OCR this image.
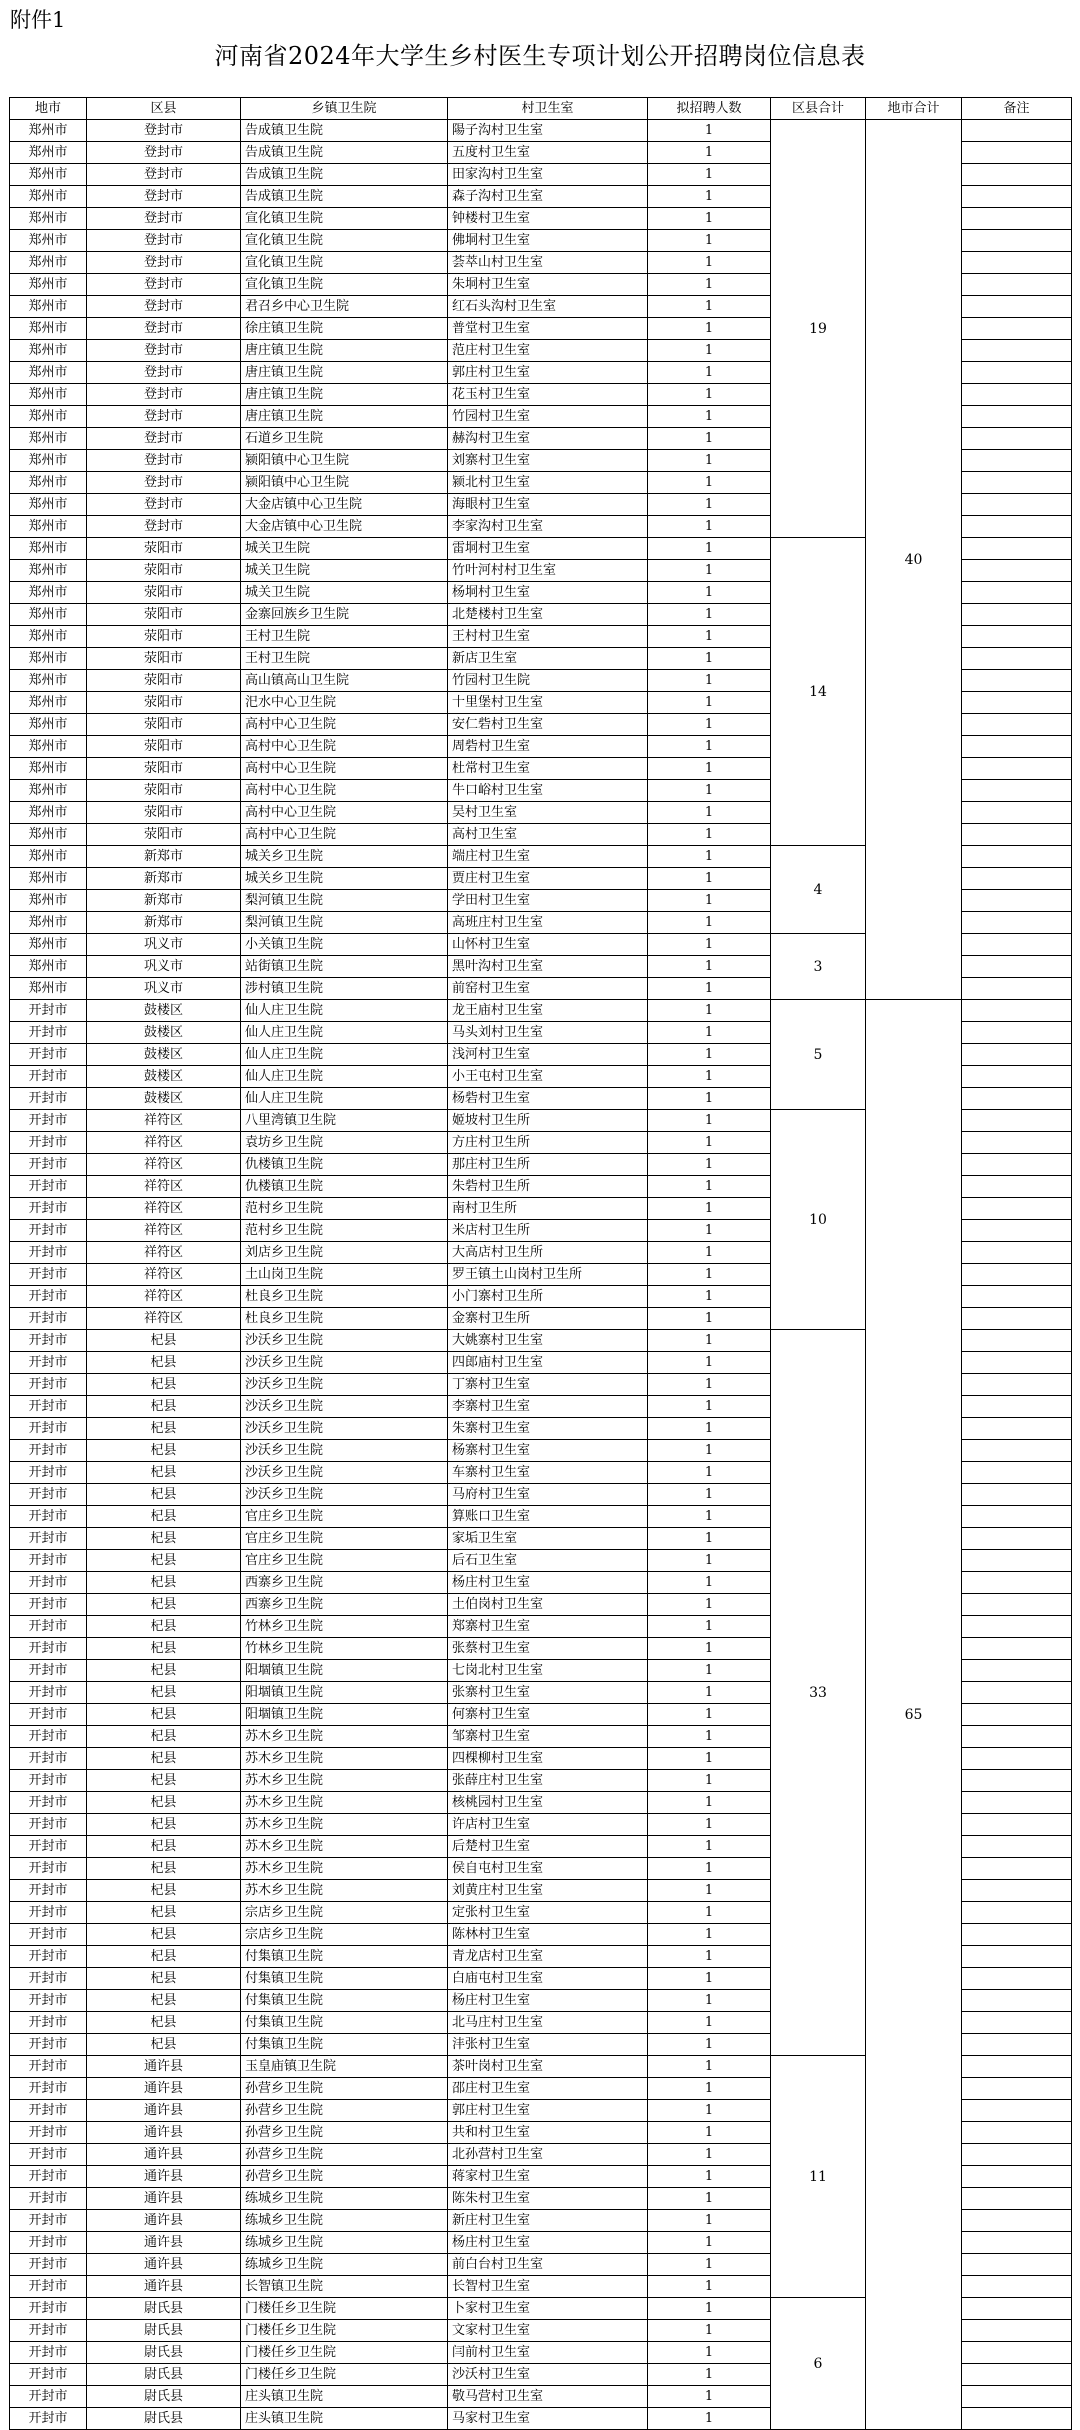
附件1
河南省2024年大学生乡村医生专项计划公开招聘岗位信息表
地市	区县	乡镇卫生院	村卫生室	拟招聘人数	区县合计	地市合计	备注
郑州市	登封市	告成镇卫生院	陽子沟村卫生室	1	19	40	
郑州市	登封市	告成镇卫生院	五度村卫生室	1			
郑州市	登封市	告成镇卫生院	田家沟村卫生室	1			
郑州市	登封市	告成镇卫生院	森子沟村卫生室	1			
郑州市	登封市	宣化镇卫生院	钟楼村卫生室	1			
郑州市	登封市	宣化镇卫生院	佛垌村卫生室	1			
郑州市	登封市	宣化镇卫生院	荟萃山村卫生室	1			
郑州市	登封市	宣化镇卫生院	朱垌村卫生室	1			
郑州市	登封市	君召乡中心卫生院	红石头沟村卫生室	1			
郑州市	登封市	徐庄镇卫生院	普堂村卫生室	1			
郑州市	登封市	唐庄镇卫生院	范庄村卫生室	1			
郑州市	登封市	唐庄镇卫生院	郭庄村卫生室	1			
郑州市	登封市	唐庄镇卫生院	花玉村卫生室	1			
郑州市	登封市	唐庄镇卫生院	竹园村卫生室	1			
郑州市	登封市	石道乡卫生院	赫沟村卫生室	1			
郑州市	登封市	颍阳镇中心卫生院	刘寨村卫生室	1			
郑州市	登封市	颍阳镇中心卫生院	颍北村卫生室	1			
郑州市	登封市	大金店镇中心卫生院	海眼村卫生室	1			
郑州市	登封市	大金店镇中心卫生院	李家沟村卫生室	1			
郑州市	荥阳市	城关卫生院	雷垌村卫生室	1	14		
郑州市	荥阳市	城关卫生院	竹叶河村村卫生室	1			
郑州市	荥阳市	城关卫生院	杨垌村卫生室	1			
郑州市	荥阳市	金寨回族乡卫生院	北楚楼村卫生室	1			
郑州市	荥阳市	王村卫生院	王村村卫生室	1			
郑州市	荥阳市	王村卫生院	新店卫生室	1			
郑州市	荥阳市	高山镇高山卫生院	竹园村卫生院	1			
郑州市	荥阳市	汜水中心卫生院	十里堡村卫生室	1			
郑州市	荥阳市	高村中心卫生院	安仁砦村卫生室	1			
郑州市	荥阳市	高村中心卫生院	周砦村卫生室	1			
郑州市	荥阳市	高村中心卫生院	杜常村卫生室	1			
郑州市	荥阳市	高村中心卫生院	牛口峪村卫生室	1			
郑州市	荥阳市	高村中心卫生院	吴村卫生室	1			
郑州市	荥阳市	高村中心卫生院	高村卫生室	1			
郑州市	新郑市	城关乡卫生院	端庄村卫生室	1	4		
郑州市	新郑市	城关乡卫生院	贾庄村卫生室	1			
郑州市	新郑市	梨河镇卫生院	学田村卫生室	1			
郑州市	新郑市	梨河镇卫生院	高班庄村卫生室	1			
郑州市	巩义市	小关镇卫生院	山怀村卫生室	1	3		
郑州市	巩义市	站街镇卫生院	黑叶沟村卫生室	1			
郑州市	巩义市	涉村镇卫生院	前窑村卫生室	1			
开封市	鼓楼区	仙人庄卫生院	龙王庙村卫生室	1	5	65	
开封市	鼓楼区	仙人庄卫生院	马头刘村卫生室	1			
开封市	鼓楼区	仙人庄卫生院	浅河村卫生室	1			
开封市	鼓楼区	仙人庄卫生院	小王屯村卫生室	1			
开封市	鼓楼区	仙人庄卫生院	杨砦村卫生室	1			
开封市	祥符区	八里湾镇卫生院	姬坡村卫生所	1	10		
开封市	祥符区	袁坊乡卫生院	方庄村卫生所	1			
开封市	祥符区	仇楼镇卫生院	那庄村卫生所	1			
开封市	祥符区	仇楼镇卫生院	朱砦村卫生所	1			
开封市	祥符区	范村乡卫生院	南村卫生所	1			
开封市	祥符区	范村乡卫生院	米店村卫生所	1			
开封市	祥符区	刘店乡卫生院	大高店村卫生所	1			
开封市	祥符区	土山岗卫生院	罗王镇土山岗村卫生所	1			
开封市	祥符区	杜良乡卫生院	小门寨村卫生所	1			
开封市	祥符区	杜良乡卫生院	金寨村卫生所	1			
开封市	杞县	沙沃乡卫生院	大姚寨村卫生室	1	33		
开封市	杞县	沙沃乡卫生院	四郎庙村卫生室	1			
开封市	杞县	沙沃乡卫生院	丁寨村卫生室	1			
开封市	杞县	沙沃乡卫生院	李寨村卫生室	1			
开封市	杞县	沙沃乡卫生院	朱寨村卫生室	1			
开封市	杞县	沙沃乡卫生院	杨寨村卫生室	1			
开封市	杞县	沙沃乡卫生院	车寨村卫生室	1			
开封市	杞县	沙沃乡卫生院	马府村卫生室	1			
开封市	杞县	官庄乡卫生院	算账口卫生室	1			
开封市	杞县	官庄乡卫生院	家垢卫生室	1			
开封市	杞县	官庄乡卫生院	后石卫生室	1			
开封市	杞县	西寨乡卫生院	杨庄村卫生室	1			
开封市	杞县	西寨乡卫生院	土伯岗村卫生室	1			
开封市	杞县	竹林乡卫生院	郑寨村卫生室	1			
开封市	杞县	竹林乡卫生院	张蔡村卫生室	1			
开封市	杞县	阳堌镇卫生院	七岗北村卫生室	1			
开封市	杞县	阳堌镇卫生院	张寨村卫生室	1			
开封市	杞县	阳堌镇卫生院	何寨村卫生室	1			
开封市	杞县	苏木乡卫生院	邹寨村卫生室	1			
开封市	杞县	苏木乡卫生院	四棵柳村卫生室	1			
开封市	杞县	苏木乡卫生院	张薛庄村卫生室	1			
开封市	杞县	苏木乡卫生院	核桃园村卫生室	1			
开封市	杞县	苏木乡卫生院	许店村卫生室	1			
开封市	杞县	苏木乡卫生院	后楚村卫生室	1			
开封市	杞县	苏木乡卫生院	侯自屯村卫生室	1			
开封市	杞县	苏木乡卫生院	刘黄庄村卫生室	1			
开封市	杞县	宗店乡卫生院	定张村卫生室	1			
开封市	杞县	宗店乡卫生院	陈林村卫生室	1			
开封市	杞县	付集镇卫生院	青龙店村卫生室	1			
开封市	杞县	付集镇卫生院	白庙屯村卫生室	1			
开封市	杞县	付集镇卫生院	杨庄村卫生室	1			
开封市	杞县	付集镇卫生院	北马庄村卫生室	1			
开封市	杞县	付集镇卫生院	沣张村卫生室	1			
开封市	通许县	玉皇庙镇卫生院	茶叶岗村卫生室	1	11		
开封市	通许县	孙营乡卫生院	邵庄村卫生室	1			
开封市	通许县	孙营乡卫生院	郭庄村卫生室	1			
开封市	通许县	孙营乡卫生院	共和村卫生室	1			
开封市	通许县	孙营乡卫生院	北孙营村卫生室	1			
开封市	通许县	孙营乡卫生院	蒋家村卫生室	1			
开封市	通许县	练城乡卫生院	陈朱村卫生室	1			
开封市	通许县	练城乡卫生院	新庄村卫生室	1			
开封市	通许县	练城乡卫生院	杨庄村卫生室	1			
开封市	通许县	练城乡卫生院	前白台村卫生室	1			
开封市	通许县	长智镇卫生院	长智村卫生室	1			
开封市	尉氏县	门楼任乡卫生院	卜家村卫生室	1	6		
开封市	尉氏县	门楼任乡卫生院	文家村卫生室	1			
开封市	尉氏县	门楼任乡卫生院	闫前村卫生室	1			
开封市	尉氏县	门楼任乡卫生院	沙沃村卫生室	1			
开封市	尉氏县	庄头镇卫生院	敬马营村卫生室	1			
开封市	尉氏县	庄头镇卫生院	马家村卫生室	1			
